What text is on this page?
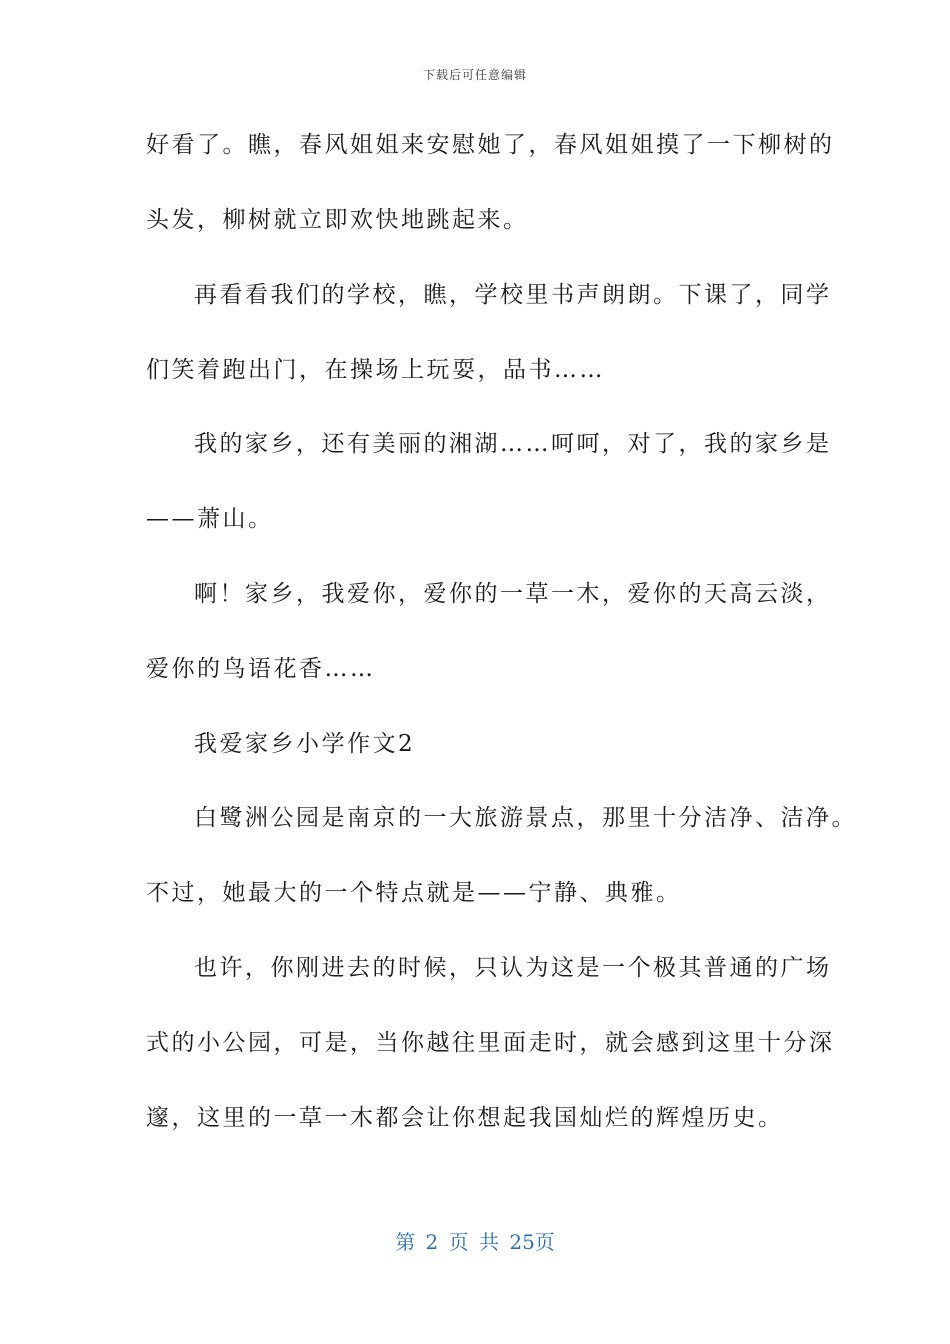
下载后可任意编辑
好看了。瞧，春风姐姐来安慰她了，春风姐姐摸了一下柳树的
头发，柳树就立即欢快地跳起来。
再看看我们的学校，瞧，学校里书声朗朗。下课了，同学
们笑着跑出门，在操场上玩耍，品书……
我的家乡，还有美丽的湘湖……呵呵，对了，我的家乡是
——萧山。
啊！家乡，我爱你，爱你的一草一木，爱你的天高云淡，
爱你的鸟语花香……
我爱家乡小学作文2
白鹭洲公园是南京的一大旅游景点，那里十分洁净、洁净。
不过，她最大的一个特点就是——宁静、典雅。
也许，你刚进去的时候，只认为这是一个极其普通的广场
式的小公园，可是，当你越往里面走时，就会感到这里十分深
邃，这里的一草一木都会让你想起我国灿烂的辉煌历史。
第 2 页 共 25页
